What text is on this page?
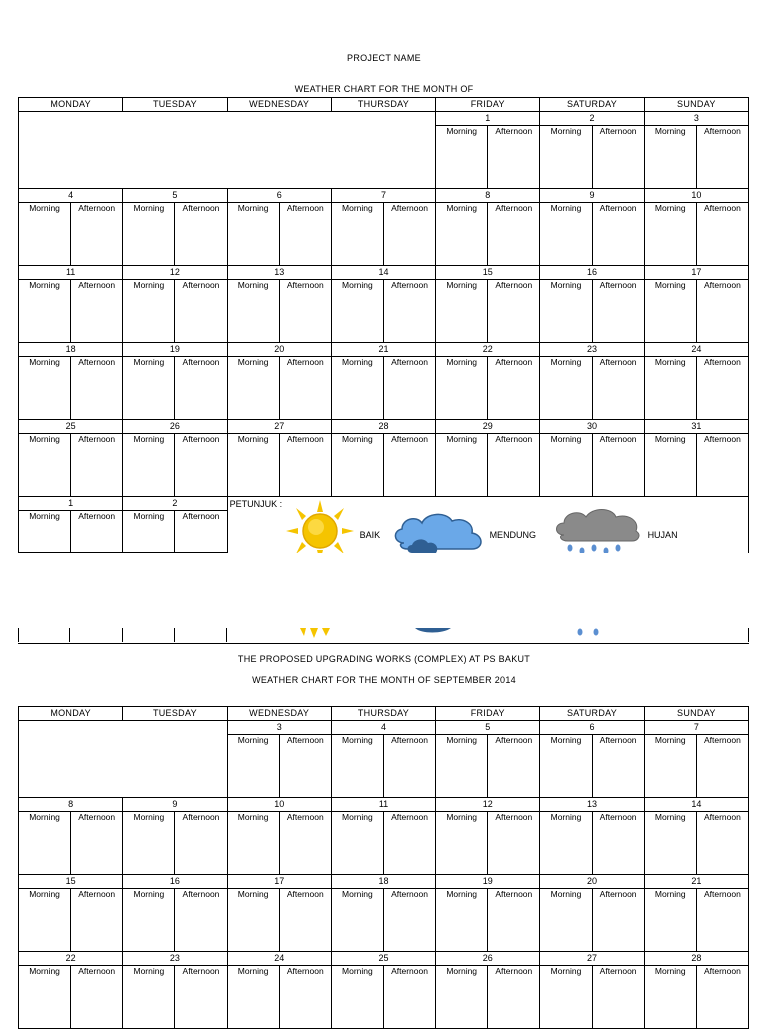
PROJECT NAME
WEATHER CHART FOR THE MONTH OF
MONDAY		TUESDAY		WEDNESDAY		THURSDAY		FRIDAY		SATURDAY		SUNDAY	
								1		2		3	
								Morning	Afternoon	Morning	Afternoon	Morning	Afternoon
4		5		6		7		8		9		10	
Morning	Afternoon	Morning	Afternoon	Morning	Afternoon	Morning	Afternoon	Morning	Afternoon	Morning	Afternoon	Morning	Afternoon
11		12		13		14		15		16		17	
Morning	Afternoon	Morning	Afternoon	Morning	Afternoon	Morning	Afternoon	Morning	Afternoon	Morning	Afternoon	Morning	Afternoon
18		19		20		21		22		23		24	
Morning	Afternoon	Morning	Afternoon	Morning	Afternoon	Morning	Afternoon	Morning	Afternoon	Morning	Afternoon	Morning	Afternoon
25		26		27		28		29		30		31	
Morning	Afternoon	Morning	Afternoon	Morning	Afternoon	Morning	Afternoon	Morning	Afternoon	Morning	Afternoon	Morning	Afternoon
1		2		PETUNJUK :
BAIK MENDUNG HUJAN									

Morning	Afternoon	Morning	Afternoon										
THE PROPOSED UPGRADING WORKS (COMPLEX) AT PS BAKUT
WEATHER CHART FOR THE MONTH OF SEPTEMBER 2014
MONDAY		TUESDAY		WEDNESDAY		THURSDAY		FRIDAY		SATURDAY		SUNDAY	
				3		4		5		6		7	
				Morning	Afternoon	Morning	Afternoon	Morning	Afternoon	Morning	Afternoon	Morning	Afternoon
8		9		10		11		12		13		14	
Morning	Afternoon	Morning	Afternoon	Morning	Afternoon	Morning	Afternoon	Morning	Afternoon	Morning	Afternoon	Morning	Afternoon
15		16		17		18		19		20		21	
Morning	Afternoon	Morning	Afternoon	Morning	Afternoon	Morning	Afternoon	Morning	Afternoon	Morning	Afternoon	Morning	Afternoon
22		23		24		25		26		27		28	
Morning	Afternoon	Morning	Afternoon	Morning	Afternoon	Morning	Afternoon	Morning	Afternoon	Morning	Afternoon	Morning	Afternoon
